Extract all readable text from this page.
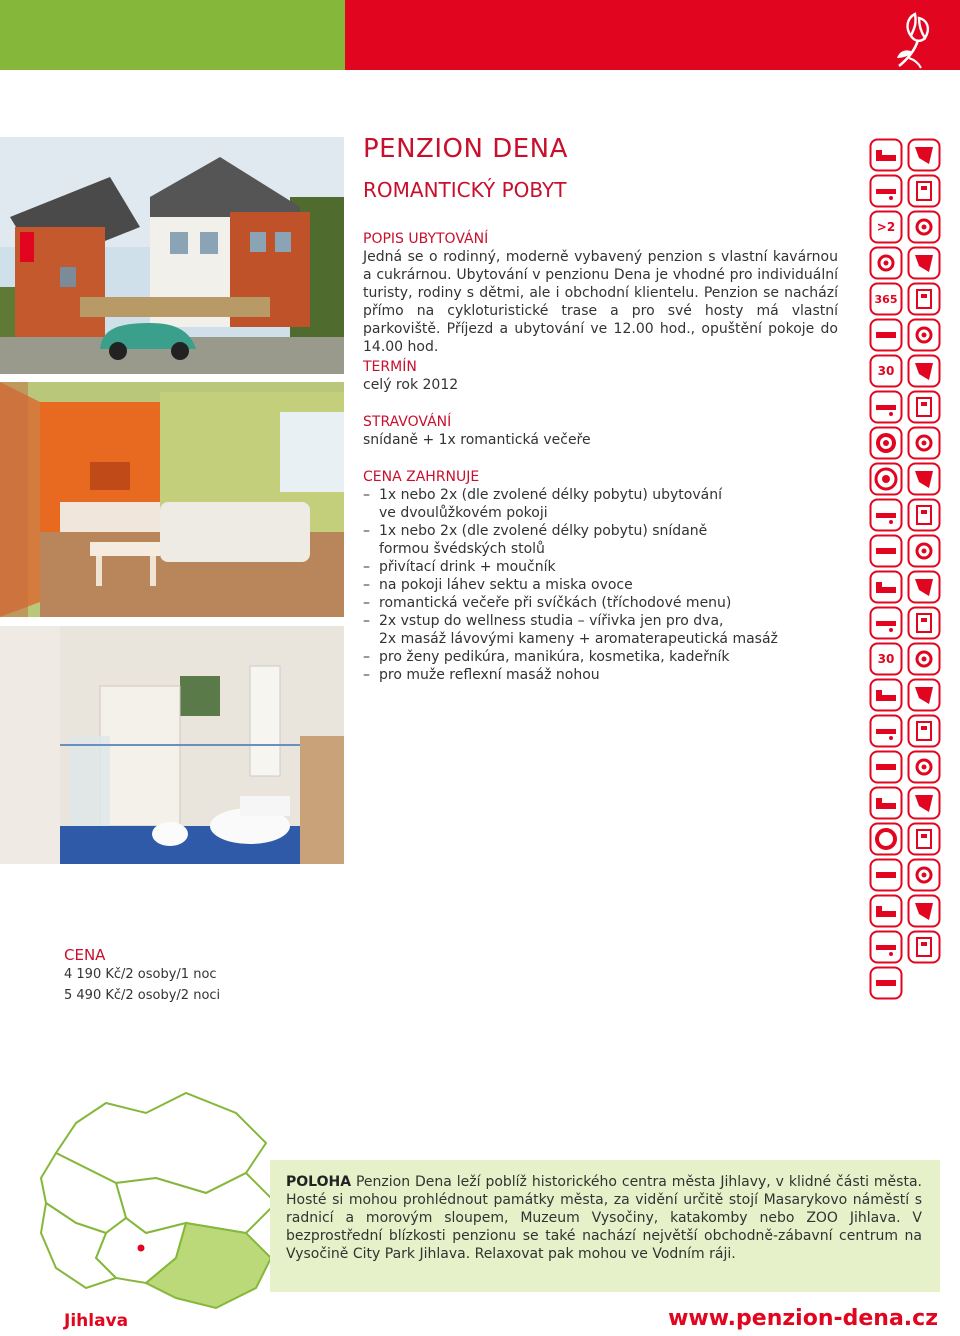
PENZION DENA
ROMANTICKÝ POBYT
POPIS UBYTOVÁNÍ
Jedná se o rodinný, moderně vybavený penzion s vlastní kavárnou a cukrárnou. Ubytování v penzionu Dena je vhodné pro individuální turisty, rodiny s dětmi, ale i obchodní klientelu. Penzion se nachází přímo na cykloturistické trase a pro své hosty má vlastní parkoviště. Příjezd a ubytování ve 12.00 hod., opuštění pokoje do 14.00 hod.
TERMÍN
celý rok 2012
STRAVOVÁNÍ
snídaně + 1x romantická večeře
CENA ZAHRNUJE
– 1x nebo 2x (dle zvolené délky pobytu) ubytování
ve dvoulůžkovém pokoji
– 1x nebo 2x (dle zvolené délky pobytu) snídaně
formou švédských stolů
– přivítací drink + moučník
– na pokoji láhev sektu a miska ovoce
– romantická večeře při svíčkách (tříchodové menu)
– 2x vstup do wellness studia – vířivka jen pro dva,
2x masáž lávovými kameny + aromaterapeutická masáž
– pro ženy pedikúra, manikúra, kosmetika, kadeřník
– pro muže reflexní masáž nohou
CENA
4 190 Kč/2 osoby/1 noc
5 490 Kč/2 osoby/2 noci
>2
365
30
30
POLOHA Penzion Dena leží poblíž historického centra města Jihlavy, v klidné části města. Hosté si mohou prohlédnout památky města, za vidění určitě stojí Masarykovo náměstí s radnicí a morovým sloupem, Muzeum Vysočiny, katakomby nebo ZOO Jihlava. V bezprostřední blízkosti penzionu se také nachází největší obchodně-zábavní centrum na Vysočině City Park Jihlava. Relaxovat pak mohou ve Vodním ráji.
Jihlava	www.penzion-dena.cz
